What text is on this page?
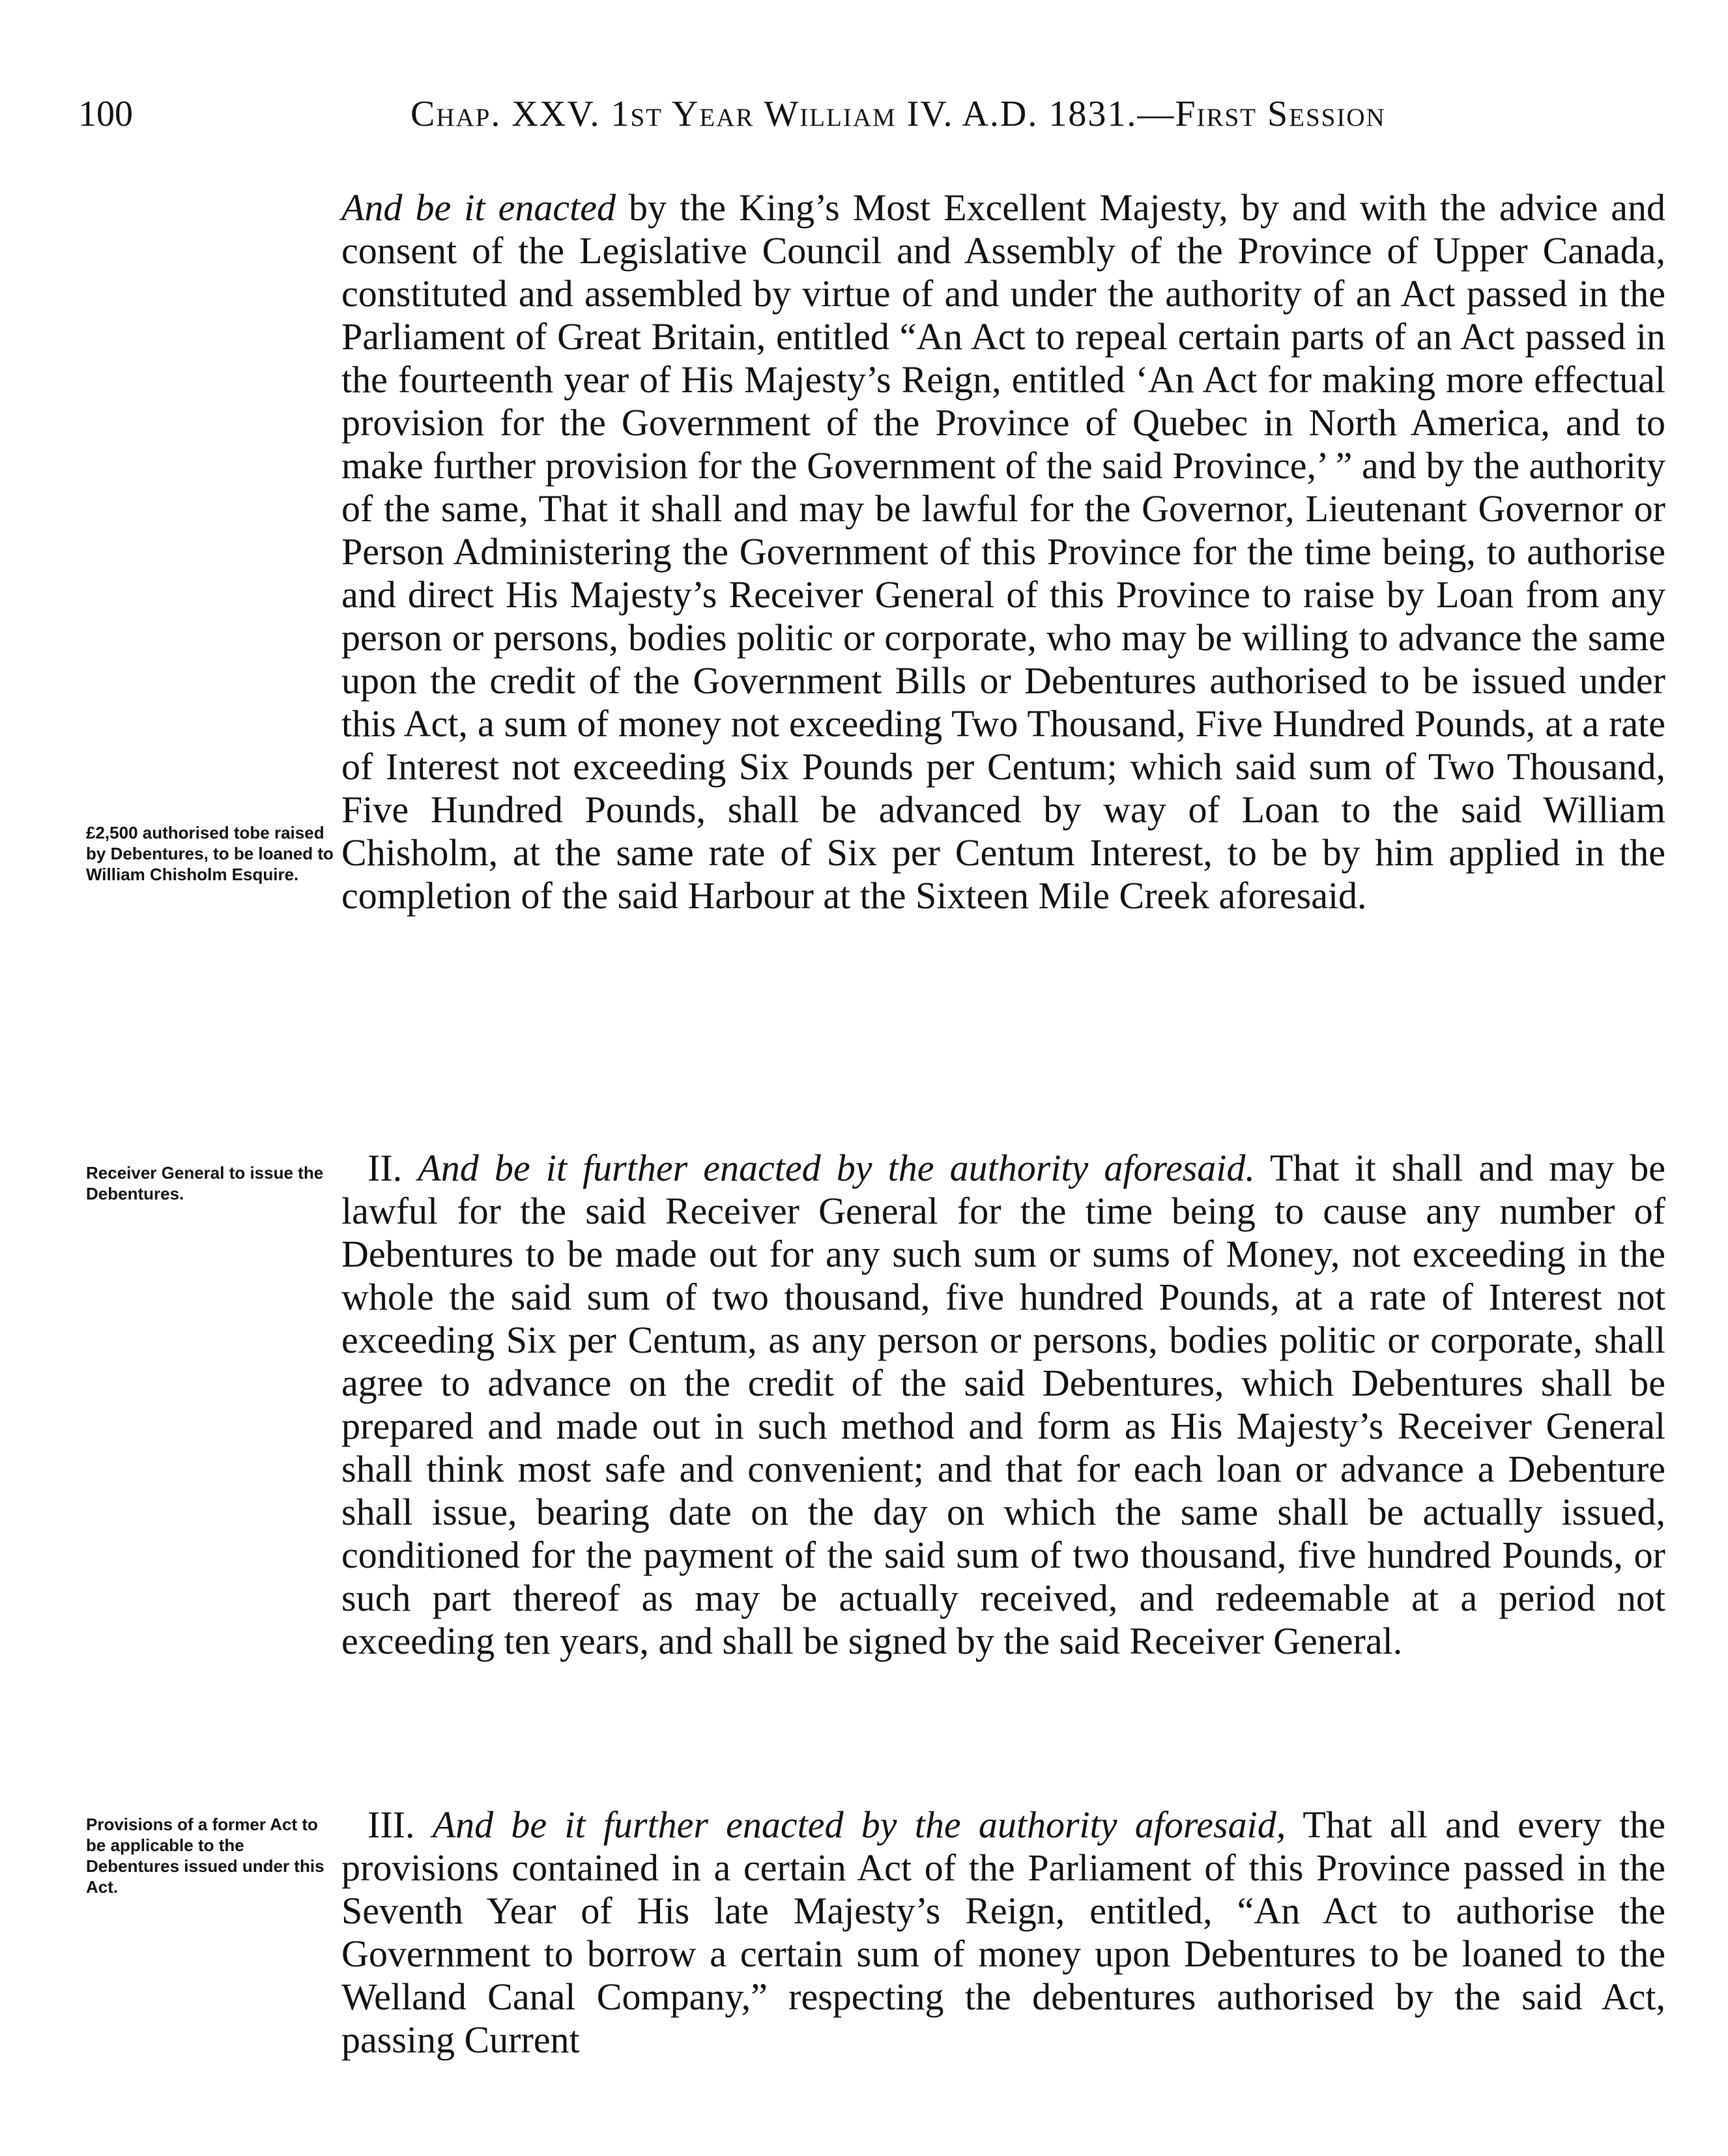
100	Chap. XXV. 1st Year William IV. A.D. 1831.—First Session

And be it enacted by the King’s Most Excellent Majesty, by and with the advice and consent of the Legislative Council and Assembly of the Province of Upper Canada, constituted and assembled by virtue of and under the authority of an Act passed in the Parliament of Great Britain, entitled “An Act to repeal certain parts of an Act passed in the fourteenth year of His Majesty’s Reign, entitled ‘An Act for making more effectual provision for the Government of the Province of Quebec in North America, and to make further provision for the Government of the said Province,’ ” and by the authority of the same, That it shall and may be lawful for the Governor, Lieutenant Governor or Person Administering the Government of this Province for the time being, to authorise and direct His Majesty’s Receiver General of this Province to raise by Loan from any person or persons, bodies politic or corporate, who may be willing to advance the same upon the credit of the Government Bills or Debentures authorised to be issued under this Act, a sum of money not exceeding Two Thousand, Five Hundred Pounds, at a rate of Interest not exceeding Six Pounds per Centum; which said sum of Two Thousand, Five Hundred Pounds, shall be advanced by way of Loan to the said William Chisholm, at the same rate of Six per Centum Interest, to be by him applied in the completion of the said Harbour at the Sixteen Mile Creek aforesaid.

£2,500 authorised tobe raised by Debentures, to be loaned to William Chisholm Esquire.

II. And be it further enacted by the authority aforesaid. That it shall and may be lawful for the said Receiver General for the time being to cause any number of Debentures to be made out for any such sum or sums of Money, not exceeding in the whole the said sum of two thousand, five hundred Pounds, at a rate of Interest not exceeding Six per Centum, as any person or persons, bodies politic or corporate, shall agree to advance on the credit of the said Debentures, which Debentures shall be prepared and made out in such method and form as His Majesty’s Receiver General shall think most safe and convenient; and that for each loan or advance a Debenture shall issue, bearing date on the day on which the same shall be actually issued, conditioned for the payment of the said sum of two thousand, five hundred Pounds, or such part thereof as may be actually received, and redeemable at a period not exceeding ten years, and shall be signed by the said Receiver General.

Receiver General to issue the Debentures.

III. And be it further enacted by the authority aforesaid, That all and every the provisions contained in a certain Act of the Parliament of this Province passed in the Seventh Year of His late Majesty’s Reign, entitled, “An Act to authorise the Government to borrow a certain sum of money upon Debentures to be loaned to the Welland Canal Company,” respecting the debentures authorised by the said Act, passing Current

Provisions of a former Act to be applicable to the Debentures issued under this Act.
